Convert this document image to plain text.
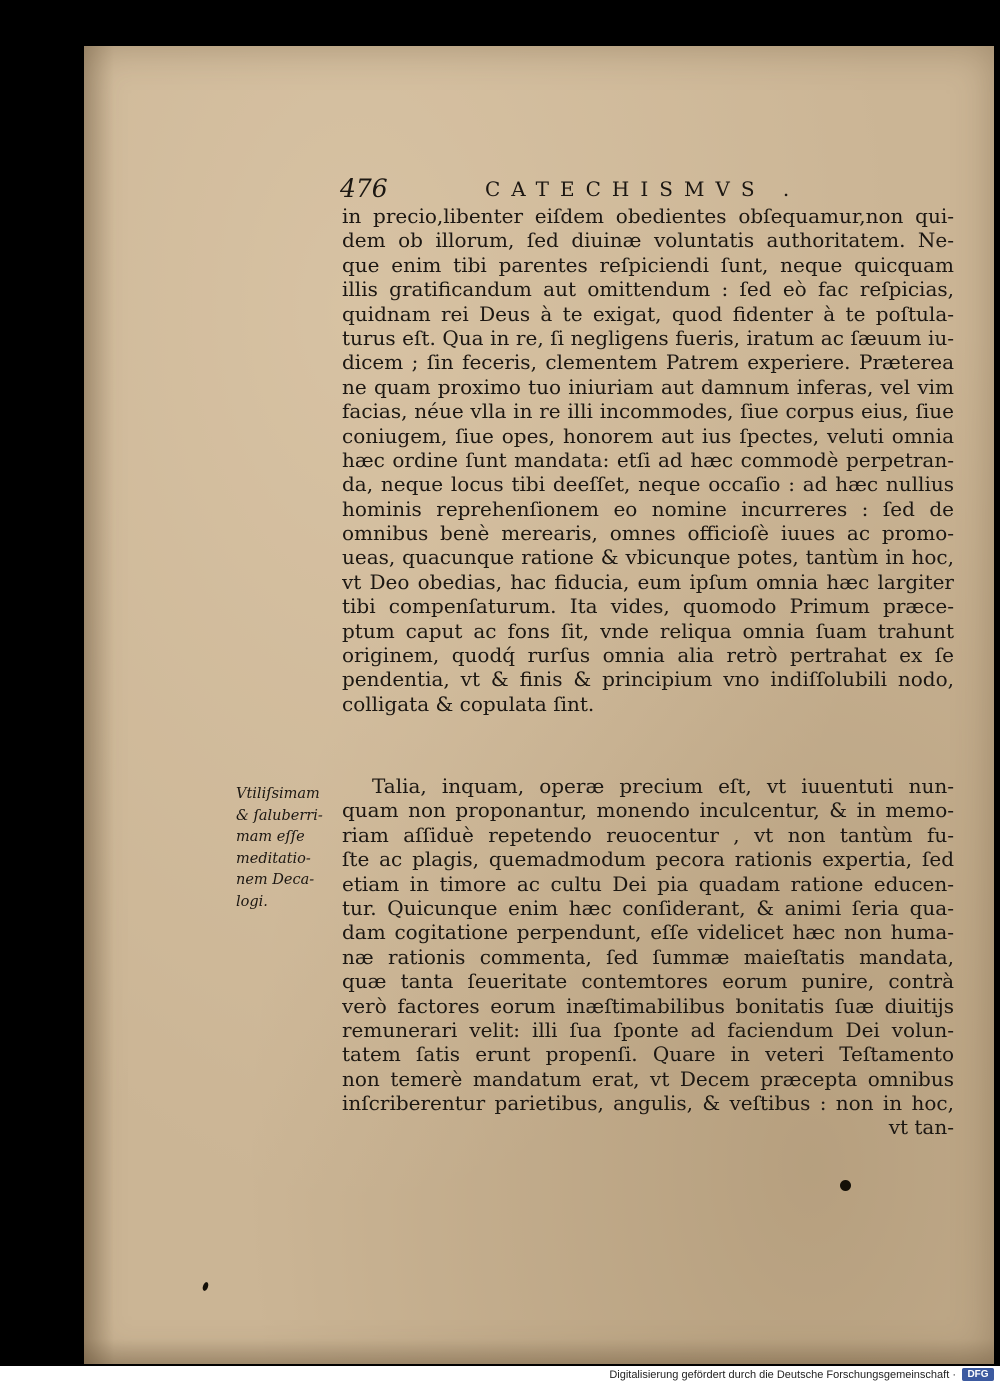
476	CATECHISMVS .
in precio,libenter eiſdem obedientes obſequamur,non qui-
dem ob illorum, ſed diuinæ voluntatis authoritatem. Ne-
que enim tibi parentes reſpiciendi ſunt, neque quicquam
illis gratificandum aut omittendum : ſed eò fac reſpicias,
quidnam rei Deus à te exigat, quod fidenter à te poſtula-
turus eſt. Qua in re, ſi negligens fueris, iratum ac ſæuum iu-
dicem ; ſin feceris, clementem Patrem experiere. Præterea
ne quam proximo tuo iniuriam aut damnum inferas, vel vim
facias, néue vlla in re illi incommodes, ſiue corpus eius, ſiue
coniugem, ſiue opes, honorem aut ius ſpectes, veluti omnia
hæc ordine ſunt mandata: etſi ad hæc commodè perpetran-
da, neque locus tibi deeſſet, neque occaſio : ad hæc nullius
hominis reprehenſionem eo nomine incurreres : ſed de
omnibus benè merearis, omnes officioſè iuues ac promo-
ueas, quacunque ratione & vbicunque potes, tantùm in hoc,
vt Deo obedias, hac fiducia, eum ipſum omnia hæc largiter
tibi compenſaturum. Ita vides, quomodo Primum præce-
ptum caput ac fons ſit, vnde reliqua omnia ſuam trahunt
originem, quodq́ rurſus omnia alia retrò pertrahat ex ſe
pendentia, vt & finis & principium vno indiſſolubili nodo,
colligata & copulata ſint.
Vtiliſsimam
& ſaluberri-
mam eſſe
meditatio-
nem Deca-
logi.
Talia, inquam, operæ precium eſt, vt iuuentuti nun-
quam non proponantur, monendo inculcentur, & in memo-
riam aſſiduè repetendo reuocentur , vt non tantùm fu-
ſte ac plagis, quemadmodum pecora rationis expertia, ſed
etiam in timore ac cultu Dei pia quadam ratione educen-
tur. Quicunque enim hæc conſiderant, & animi ſeria qua-
dam cogitatione perpendunt, eſſe videlicet hæc non huma-
næ rationis commenta, ſed ſummæ maieſtatis mandata,
quæ tanta ſeueritate contemtores eorum punire, contrà
verò factores eorum inæſtimabilibus bonitatis ſuæ diuitijs
remunerari velit: illi ſua ſponte ad faciendum Dei volun-
tatem ſatis erunt propenſi. Quare in veteri Teſtamento
non temerè mandatum erat, vt Decem præcepta omnibus
inſcriberentur parietibus, angulis, & veſtibus : non in hoc,
vt tan-
Digitalisierung gefördert durch die Deutsche Forschungsgemeinschaft ·	DFG
